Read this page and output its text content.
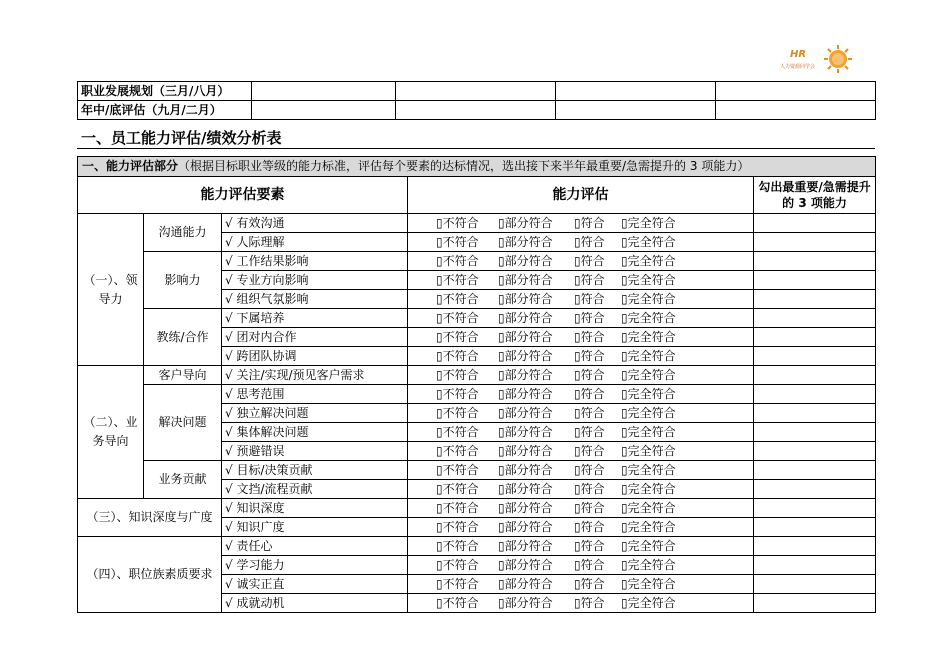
HR
人力资源同学会
职业发展规划（三月/八月）				
年中/底评估（九月/二月）				
一、员工能力评估/绩效分析表
一、能力评估部分（根据目标职业等级的能力标准，评估每个要素的达标情况，选出接下来半年最重要/急需提升的 3 项能力）				
能力评估要素			能力评估	勾出最重要/急需提升的 3 项能力
（一）、领导力	沟通能力	√ 有效沟通	▯不符合 ▯部分符合 ▯符合 ▯完全符合	
		√ 人际理解	▯不符合 ▯部分符合 ▯符合 ▯完全符合	
	影响力	√ 工作结果影响	▯不符合 ▯部分符合 ▯符合 ▯完全符合	
		√ 专业方向影响	▯不符合 ▯部分符合 ▯符合 ▯完全符合	
		√ 组织气氛影响	▯不符合 ▯部分符合 ▯符合 ▯完全符合	
	教练/合作	√ 下属培养	▯不符合 ▯部分符合 ▯符合 ▯完全符合	
		√ 团对内合作	▯不符合 ▯部分符合 ▯符合 ▯完全符合	
		√ 跨团队协调	▯不符合 ▯部分符合 ▯符合 ▯完全符合	
（二）、业务导向	客户导向	√ 关注/实现/预见客户需求	▯不符合 ▯部分符合 ▯符合 ▯完全符合	
	解决问题	√ 思考范围	▯不符合 ▯部分符合 ▯符合 ▯完全符合	
		√ 独立解决问题	▯不符合 ▯部分符合 ▯符合 ▯完全符合	
		√ 集体解决问题	▯不符合 ▯部分符合 ▯符合 ▯完全符合	
		√ 预避错误	▯不符合 ▯部分符合 ▯符合 ▯完全符合	
	业务贡献	√ 目标/决策贡献	▯不符合 ▯部分符合 ▯符合 ▯完全符合	
		√ 文挡/流程贡献	▯不符合 ▯部分符合 ▯符合 ▯完全符合	
（三）、知识深度与广度		√ 知识深度	▯不符合 ▯部分符合 ▯符合 ▯完全符合	
		√ 知识广度	▯不符合 ▯部分符合 ▯符合 ▯完全符合	
（四）、职位族素质要求		√ 责任心	▯不符合 ▯部分符合 ▯符合 ▯完全符合	
		√ 学习能力	▯不符合 ▯部分符合 ▯符合 ▯完全符合	
		√ 诚实正直	▯不符合 ▯部分符合 ▯符合 ▯完全符合	
		√ 成就动机	▯不符合 ▯部分符合 ▯符合 ▯完全符合	
